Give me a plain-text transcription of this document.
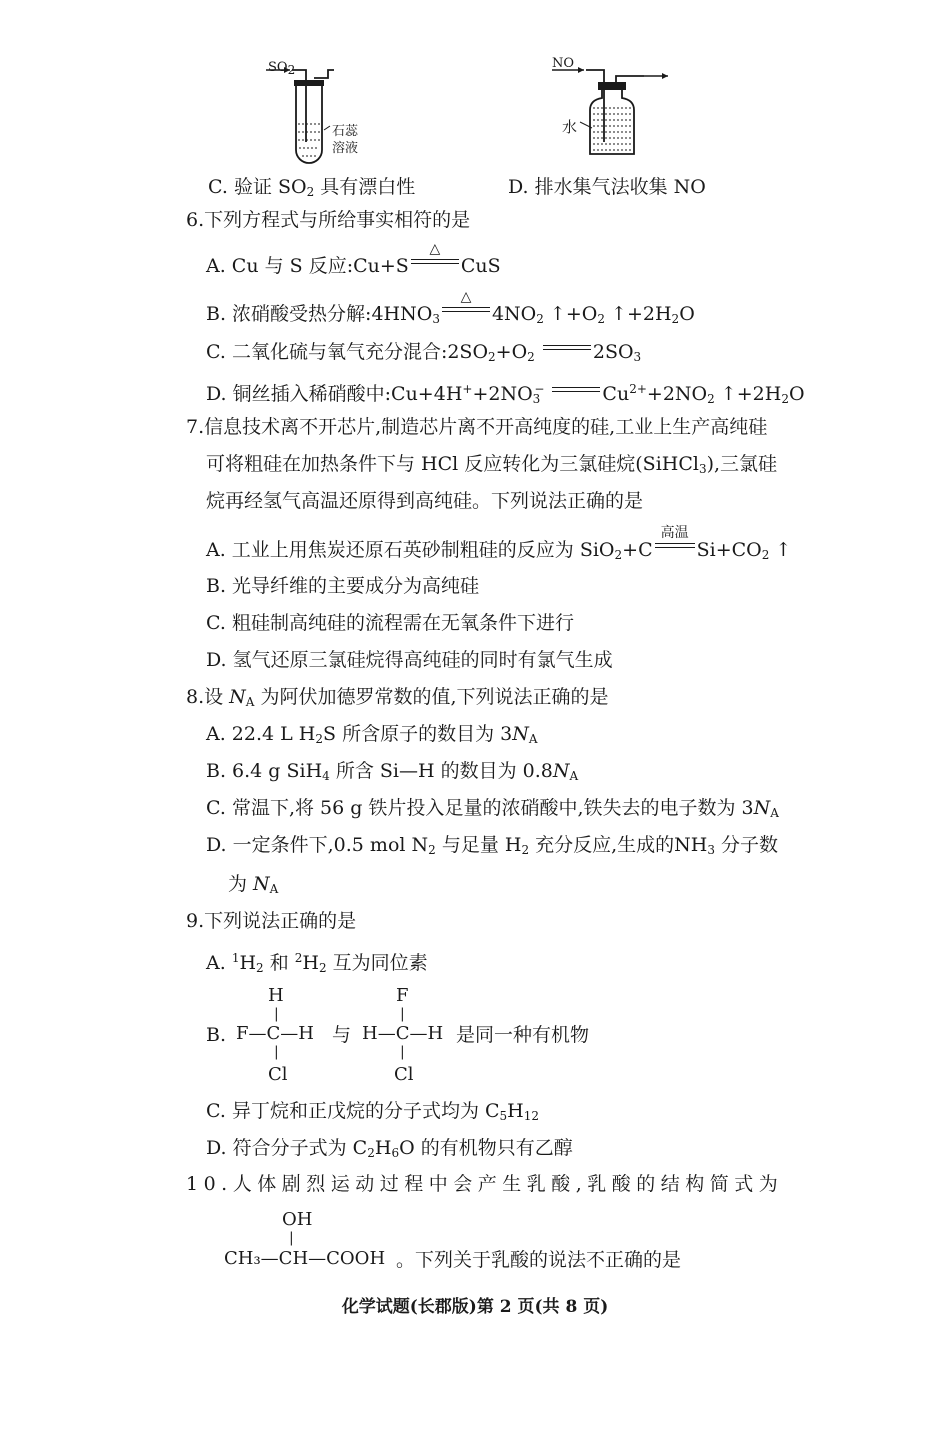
$SO_2$
石蕊
溶液
C. 验证 $SO_2$ 具有漂白性
NO
水
D. 排水集气法收集 NO
6.下列方程式与所给事实相符的是
A. Cu 与 S 反应:Cu+S
△
CuS
B. 浓硝酸受热分解$:4HNO_3$
△
$4NO_2$ $↑+O_2$ $↑+2H_2O$
C. 二氧化硫与氧气充分混合$:2SO_2+O_2$	$2SO_3$
D. 铜丝插入稀硝酸中$:Cu+4H^++2NO_3^-$	$Cu^{2+}+2NO_2$ $↑+2H_2O$
7.信息技术离不开芯片,制造芯片离不开高纯度的硅,工业上生产高纯硅
可将粗硅在加热条件下与 HCl 反应转化为三氯硅烷(SiHCl$_3$),三氯硅
烷再经氢气高温还原得到高纯硅。下列说法正确的是
A. 工业上用焦炭还原石英砂制粗硅的反应为 SiO$_2$+C
高温
$Si+CO_2$ ↑
B. 光导纤维的主要成分为高纯硅
C. 粗硅制高纯硅的流程需在无氧条件下进行
D. 氢气还原三氯硅烷得高纯硅的同时有氯气生成
8.设 $N_A$ 为阿伏加德罗常数的值,下列说法正确的是
A. 22.4 L $H_2S$ 所含原子的数目为 $3N_A$
B. 6.4 g SiH$_4$ 所含 Si—H 的数目为 $0.8N_A$
C. 常温下,将 56 g 铁片投入足量的浓硝酸中,铁失去的电子数为 $3N_A$
D. 一定条件下,0.5 mol $N_2$ 与足量 $H_2$ 充分反应,生成的$NH_3$ 分子数
为 $N_A$
9.下列说法正确的是
A. $^1H_2$ 和 $^2H_2$ 互为同位素
B.
H
|
F—C—H
|
Cl
与
F
|
H—C—H
|
Cl
是同一种有机物
C. 异丁烷和正戊烷的分子式均为 $C_5H_{12}$
D. 符合分子式为 $C_2H_6O$ 的有机物只有乙醇
10.人体剧烈运动过程中会产生乳酸,乳酸的结构简式为
OH
|
CH₃—CH—COOH 。下列关于乳酸的说法不正确的是
化学试题(长郡版)第 2 页(共 8 页)
